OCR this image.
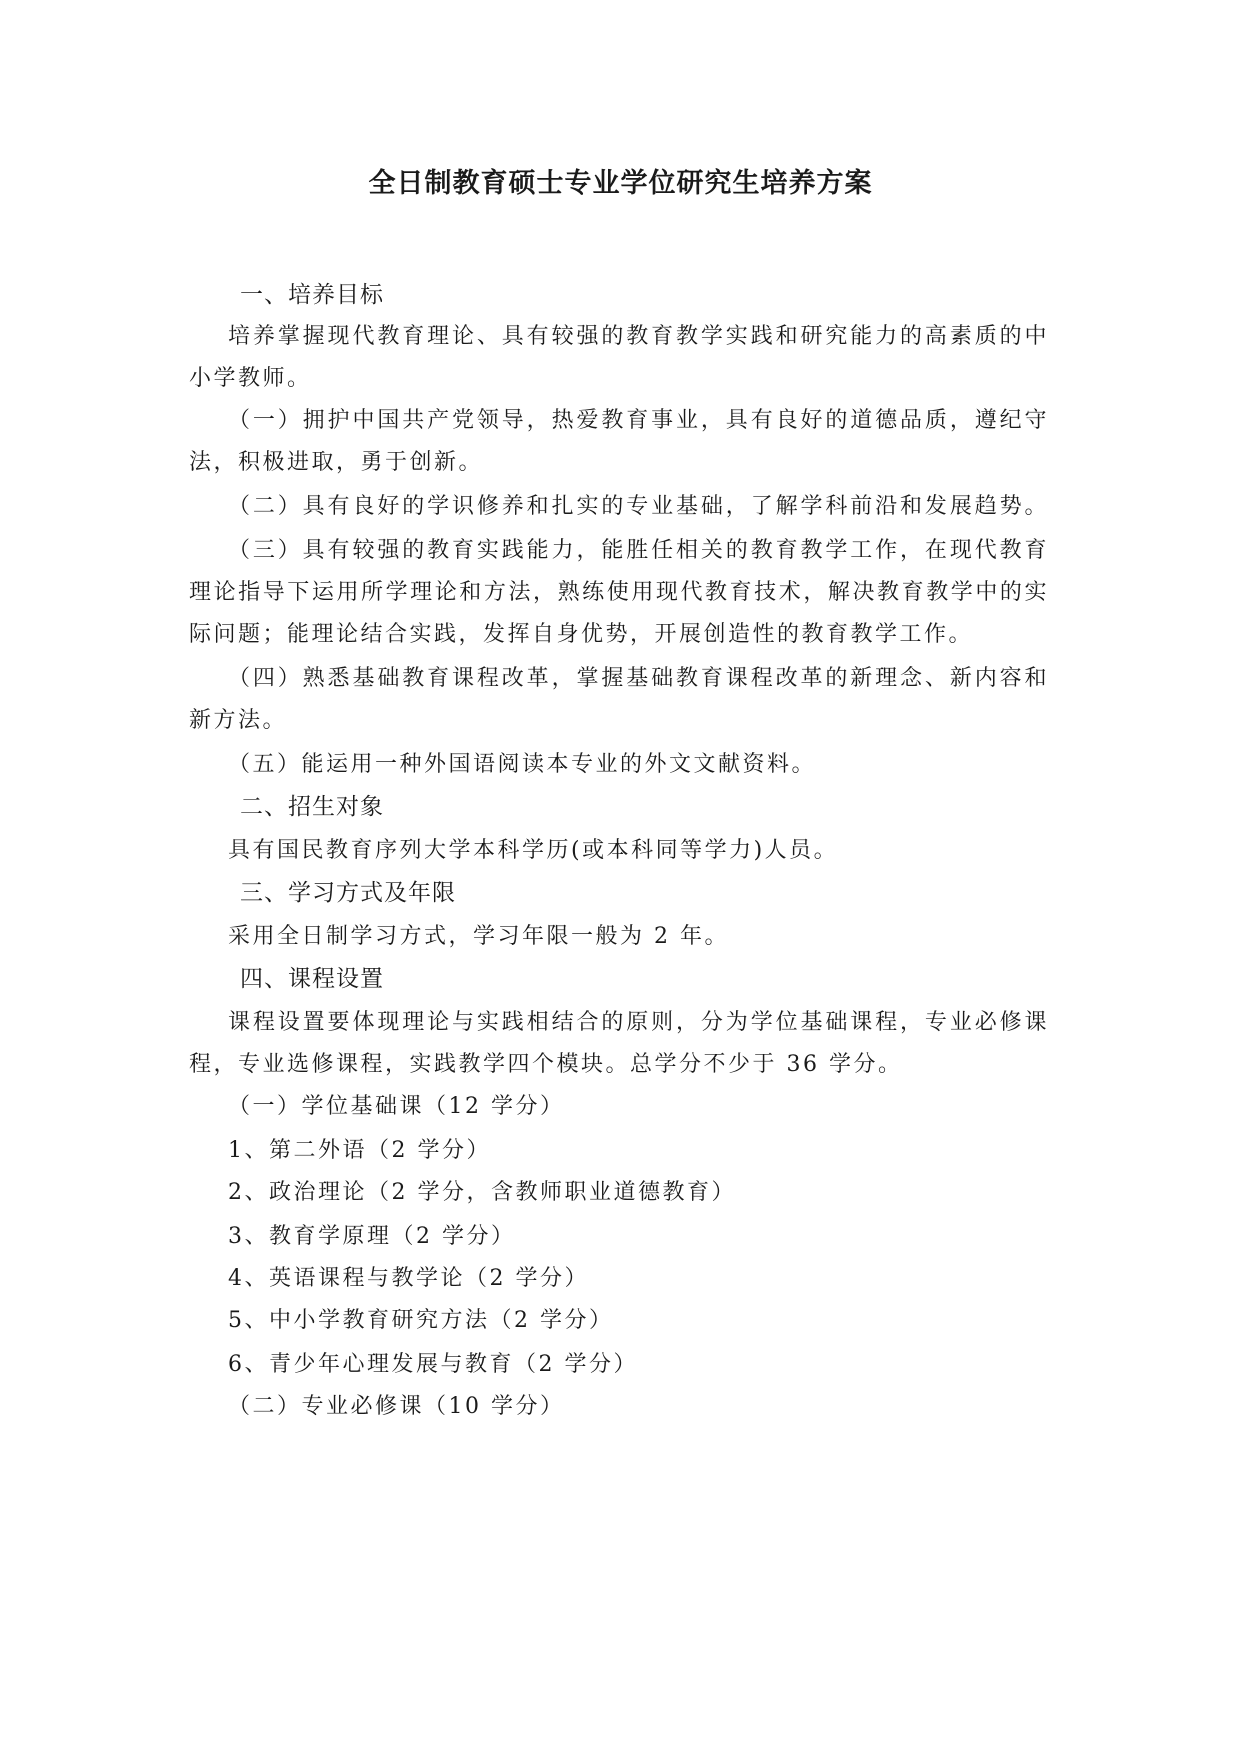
全日制教育硕士专业学位研究生培养方案

一、培养目标

培养掌握现代教育理论、具有较强的教育教学实践和研究能力的高素质的中

小学教师。

（一）拥护中国共产党领导，热爱教育事业，具有良好的道德品质，遵纪守

法，积极进取，勇于创新。

（二）具有良好的学识修养和扎实的专业基础，了解学科前沿和发展趋势。

（三）具有较强的教育实践能力，能胜任相关的教育教学工作，在现代教育

理论指导下运用所学理论和方法，熟练使用现代教育技术，解决教育教学中的实

际问题；能理论结合实践，发挥自身优势，开展创造性的教育教学工作。

（四）熟悉基础教育课程改革，掌握基础教育课程改革的新理念、新内容和

新方法。

（五）能运用一种外国语阅读本专业的外文文献资料。

二、招生对象

具有国民教育序列大学本科学历(或本科同等学力)人员。

三、学习方式及年限

采用全日制学习方式，学习年限一般为 2 年。

四、课程设置

课程设置要体现理论与实践相结合的原则，分为学位基础课程，专业必修课

程，专业选修课程，实践教学四个模块。总学分不少于 36 学分。

（一）学位基础课（12 学分）

1、第二外语（2 学分）

2、政治理论（2 学分，含教师职业道德教育）

3、教育学原理（2 学分）

4、英语课程与教学论（2 学分）

5、中小学教育研究方法（2 学分）

6、青少年心理发展与教育（2 学分）

（二）专业必修课（10 学分）
